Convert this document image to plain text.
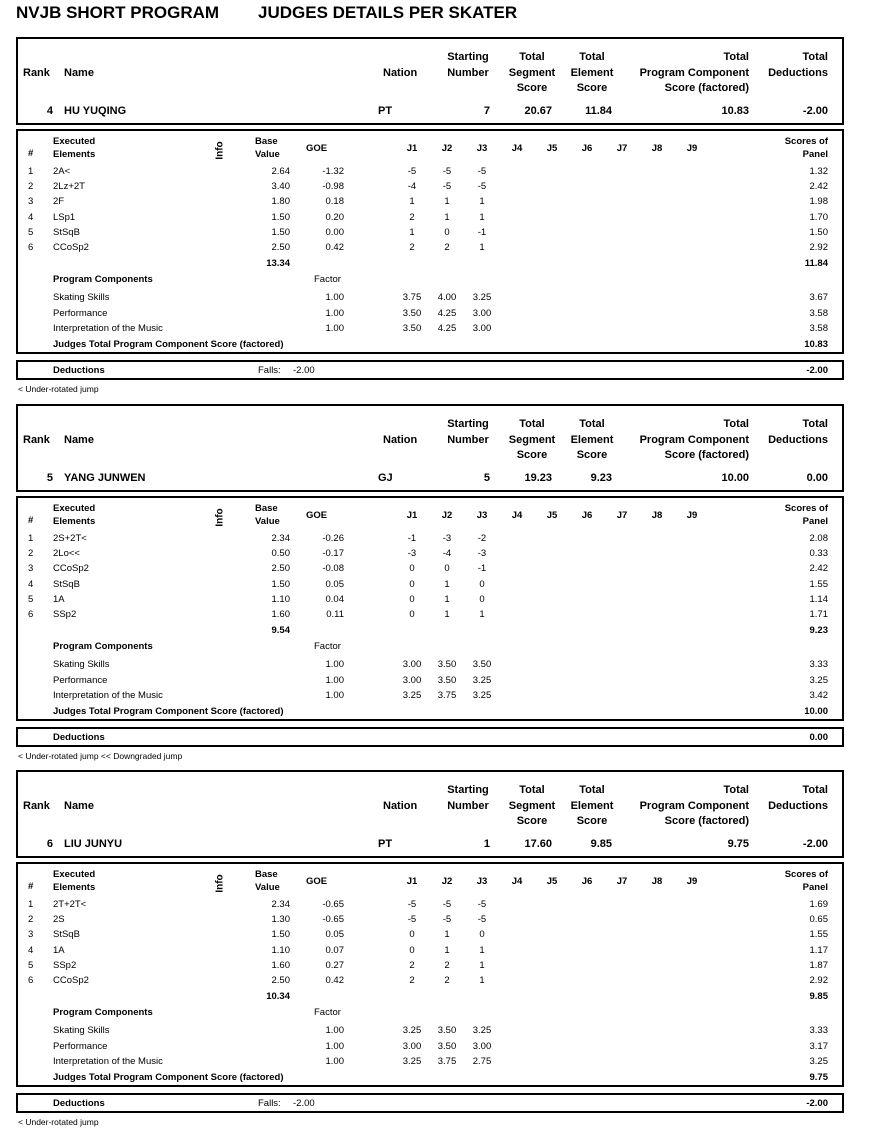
NVJB SHORT PROGRAM JUDGES DETAILS PER SKATER
Rank Name	Nation
Starting
Number
Total
Segment
Score
Total
Element
Score
Total
Program Component
Score (factored)
Total
Deductions
4 HU YUQING	PT	7	20.67	11.84	10.83	-2.00
#
Executed
Elements	Info	Base
Value
GOE	J1	J2	J3	J4	J5	J6	J7	J8	J9
Scores of
Panel
1 2A<	2.64	-1.32	-5	-5	-5	1.32
2 2Lz+2T	3.40	-0.98	-4	-5	-5	2.42
3 2F	1.80	0.18	1	1	1	1.98
4 LSp1	1.50	0.20	2	1	1	1.70
5 StSqB	1.50	0.00	1	0	-1	1.50
6 CCoSp2	2.50	0.42	2	2	1	2.92
13.34	11.84
Program Components	Factor
Skating Skills	1.00	3.75	4.00	3.25	3.67
Performance	1.00	3.50	4.25	3.00	3.58
Interpretation of the Music	1.00	3.50	4.25	3.00	3.58
Judges Total Program Component Score (factored)	10.83
Deductions	Falls: -2.00	-2.00
< Under-rotated jump
Rank Name	Nation
Starting
Number
Total
Segment
Score
Total
Element
Score
Total
Program Component
Score (factored)
Total
Deductions
5 YANG JUNWEN	GJ	5	19.23	9.23	10.00	0.00
#
Executed
Elements	Info	Base
Value
GOE	J1	J2	J3	J4	J5	J6	J7	J8	J9
Scores of
Panel
1 2S+2T<	2.34	-0.26	-1	-3	-2	2.08
2 2Lo<<	0.50	-0.17	-3	-4	-3	0.33
3 CCoSp2	2.50	-0.08	0	0	-1	2.42
4 StSqB	1.50	0.05	0	1	0	1.55
5 1A	1.10	0.04	0	1	0	1.14
6 SSp2	1.60	0.11	0	1	1	1.71
9.54	9.23
Program Components	Factor
Skating Skills	1.00	3.00	3.50	3.50	3.33
Performance	1.00	3.00	3.50	3.25	3.25
Interpretation of the Music	1.00	3.25	3.75	3.25	3.42
Judges Total Program Component Score (factored)	10.00
Deductions	0.00
< Under-rotated jump << Downgraded jump
Rank Name	Nation
Starting
Number
Total
Segment
Score
Total
Element
Score
Total
Program Component
Score (factored)
Total
Deductions
6 LIU JUNYU	PT	1	17.60	9.85	9.75	-2.00
#
Executed
Elements	Info	Base
Value
GOE	J1	J2	J3	J4	J5	J6	J7	J8	J9
Scores of
Panel
1 2T+2T<	2.34	-0.65	-5	-5	-5	1.69
2 2S	1.30	-0.65	-5	-5	-5	0.65
3 StSqB	1.50	0.05	0	1	0	1.55
4 1A	1.10	0.07	0	1	1	1.17
5 SSp2	1.60	0.27	2	2	1	1.87
6 CCoSp2	2.50	0.42	2	2	1	2.92
10.34	9.85
Program Components	Factor
Skating Skills	1.00	3.25	3.50	3.25	3.33
Performance	1.00	3.00	3.50	3.00	3.17
Interpretation of the Music	1.00	3.25	3.75	2.75	3.25
Judges Total Program Component Score (factored)	9.75
Deductions	Falls: -2.00	-2.00
< Under-rotated jump
